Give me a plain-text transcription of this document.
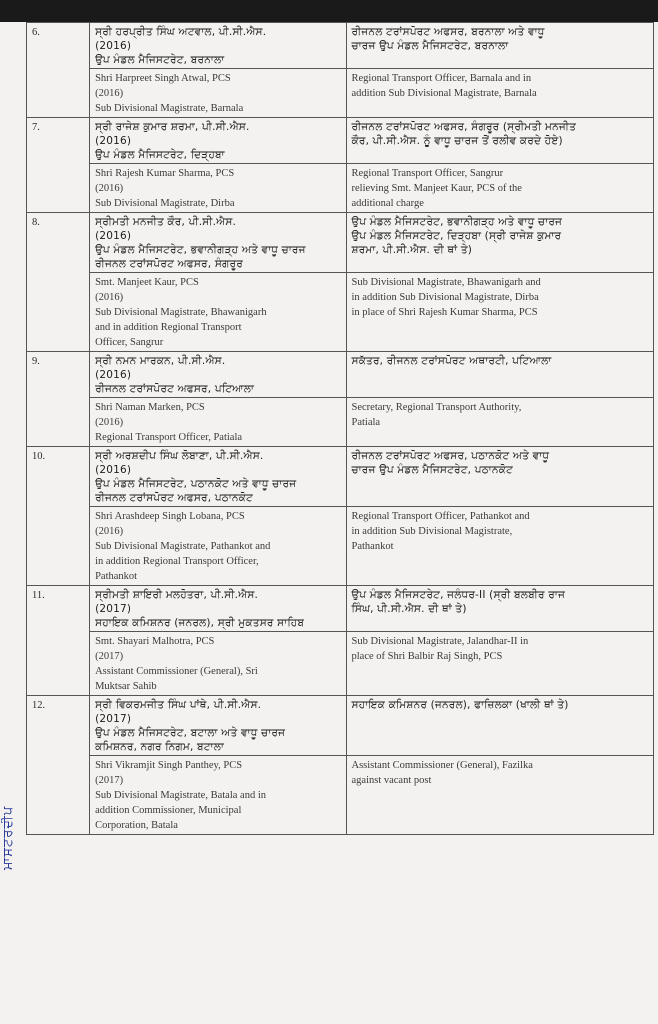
6.	ਸ੍ਰੀ ਹਰਪ੍ਰੀਤ ਸਿੰਘ ਅਟਵਾਲ, ਪੀ.ਸੀ.ਐਸ.
(2016)
ਉਪ ਮੰਡਲ ਮੈਜਿਸਟਰੇਟ, ਬਰਨਾਲਾ	ਰੀਜਨਲ ਟਰਾਂਸਪੋਰਟ ਅਫਸਰ, ਬਰਨਾਲਾ ਅਤੇ ਵਾਧੂ
ਚਾਰਜ ਉਪ ਮੰਡਲ ਮੈਜਿਸਟਰੇਟ, ਬਰਨਾਲਾ

	Shri Harpreet Singh Atwal, PCS
(2016)
Sub Divisional Magistrate, Barnala	Regional Transport Officer, Barnala and in
addition Sub Divisional Magistrate, Barnala

7.	ਸ੍ਰੀ ਰਾਜੇਸ਼ ਕੁਮਾਰ ਸ਼ਰਮਾ, ਪੀ.ਸੀ.ਐਸ.
(2016)
ਉਪ ਮੰਡਲ ਮੈਜਿਸਟਰੇਟ, ਦਿੜ੍ਹਬਾ	ਰੀਜਨਲ ਟਰਾਂਸਪੋਰਟ ਅਫਸਰ, ਸੰਗਰੂਰ (ਸ੍ਰੀਮਤੀ ਮਨਜੀਤ
ਕੌਰ, ਪੀ.ਸੀ.ਐਸ. ਨੂੰ ਵਾਧੂ ਚਾਰਜ ਤੋਂ ਰਲੀਵ ਕਰਦੇ ਹੋਏ)

	Shri Rajesh Kumar Sharma, PCS
(2016)
Sub Divisional Magistrate, Dirba	Regional Transport Officer, Sangrur
relieving Smt. Manjeet Kaur, PCS of the
additional charge

8.	ਸ੍ਰੀਮਤੀ ਮਨਜੀਤ ਕੌਰ, ਪੀ.ਸੀ.ਐਸ.
(2016)
ਉਪ ਮੰਡਲ ਮੈਜਿਸਟਰੇਟ, ਭਵਾਨੀਗੜ੍ਹ ਅਤੇ ਵਾਧੂ ਚਾਰਜ
ਰੀਜਨਲ ਟਰਾਂਸਪੋਰਟ ਅਫਸਰ, ਸੰਗਰੂਰ	ਉਪ ਮੰਡਲ ਮੈਜਿਸਟਰੇਟ, ਭਵਾਨੀਗੜ੍ਹ ਅਤੇ ਵਾਧੂ ਚਾਰਜ
ਉਪ ਮੰਡਲ ਮੈਜਿਸਟਰੇਟ, ਦਿੜ੍ਹਬਾ (ਸ੍ਰੀ ਰਾਜੇਸ਼ ਕੁਮਾਰ
ਸ਼ਰਮਾ, ਪੀ.ਸੀ.ਐਸ. ਦੀ ਥਾਂ ਤੇ)

	Smt. Manjeet Kaur, PCS
(2016)
Sub Divisional Magistrate, Bhawanigarh
and in addition Regional Transport
Officer, Sangrur	Sub Divisional Magistrate, Bhawanigarh and
in addition Sub Divisional Magistrate, Dirba
in place of Shri Rajesh Kumar Sharma, PCS

9.	ਸ੍ਰੀ ਨਮਨ ਮਾਰਕਨ, ਪੀ.ਸੀ.ਐਸ.
(2016)
ਰੀਜਨਲ ਟਰਾਂਸਪੋਰਟ ਅਫਸਰ, ਪਟਿਆਲਾ	ਸਕੱਤਰ, ਰੀਜਨਲ ਟਰਾਂਸਪੋਰਟ ਅਥਾਰਟੀ, ਪਟਿਆਲਾ

	Shri Naman Marken, PCS
(2016)
Regional Transport Officer, Patiala	Secretary, Regional Transport Authority,
Patiala

10.	ਸ੍ਰੀ ਅਰਸ਼ਦੀਪ ਸਿੰਘ ਲੋਬਾਣਾ, ਪੀ.ਸੀ.ਐਸ.
(2016)
ਉਪ ਮੰਡਲ ਮੈਜਿਸਟਰੇਟ, ਪਠਾਨਕੋਟ ਅਤੇ ਵਾਧੂ ਚਾਰਜ
ਰੀਜਨਲ ਟਰਾਂਸਪੋਰਟ ਅਫਸਰ, ਪਠਾਨਕੋਟ	ਰੀਜਨਲ ਟਰਾਂਸਪੋਰਟ ਅਫਸਰ, ਪਠਾਨਕੋਟ ਅਤੇ ਵਾਧੂ
ਚਾਰਜ ਉਪ ਮੰਡਲ ਮੈਜਿਸਟਰੇਟ, ਪਠਾਨਕੋਟ

	Shri Arashdeep Singh Lobana, PCS
(2016)
Sub Divisional Magistrate, Pathankot and
in addition Regional Transport Officer,
Pathankot	Regional Transport Officer, Pathankot and
in addition Sub Divisional Magistrate,
Pathankot

11.	ਸ੍ਰੀਮਤੀ ਸ਼ਾਇਰੀ ਮਲਹੋਤਰਾ, ਪੀ.ਸੀ.ਐਸ.
(2017)
ਸਹਾਇਕ ਕਮਿਸ਼ਨਰ (ਜਨਰਲ), ਸ੍ਰੀ ਮੁਕਤਸਰ ਸਾਹਿਬ	ਉਪ ਮੰਡਲ ਮੈਜਿਸਟਰੇਟ, ਜਲੰਧਰ-II (ਸ੍ਰੀ ਬਲਬੀਰ ਰਾਜ
ਸਿੰਘ, ਪੀ.ਸੀ.ਐਸ. ਦੀ ਥਾਂ ਤੇ)

	Smt. Shayari Malhotra, PCS
(2017)
Assistant Commissioner (General), Sri
Muktsar Sahib	Sub Divisional Magistrate, Jalandhar-II in
place of Shri Balbir Raj Singh, PCS

12.	ਸ੍ਰੀ ਵਿਕਰਮਜੀਤ ਸਿੰਘ ਪਾਂਥੇ, ਪੀ.ਸੀ.ਐਸ.
(2017)
ਉਪ ਮੰਡਲ ਮੈਜਿਸਟਰੇਟ, ਬਟਾਲਾ ਅਤੇ ਵਾਧੂ ਚਾਰਜ
ਕਮਿਸ਼ਨਰ, ਨਗਰ ਨਿਗਮ, ਬਟਾਲਾ	ਸਹਾਇਕ ਕਮਿਸ਼ਨਰ (ਜਨਰਲ), ਫਾਜ਼ਿਲਕਾ (ਖਾਲੀ ਥਾਂ ਤੇ)

	Shri Vikramjit Singh Panthey, PCS
(2017)
Sub Divisional Magistrate, Batala and in
addition Commissioner, Municipal
Corporation, Batala	Assistant Commissioner (General), Fazilka
against vacant post
ਮਾਸਟਰਦੀਪ
